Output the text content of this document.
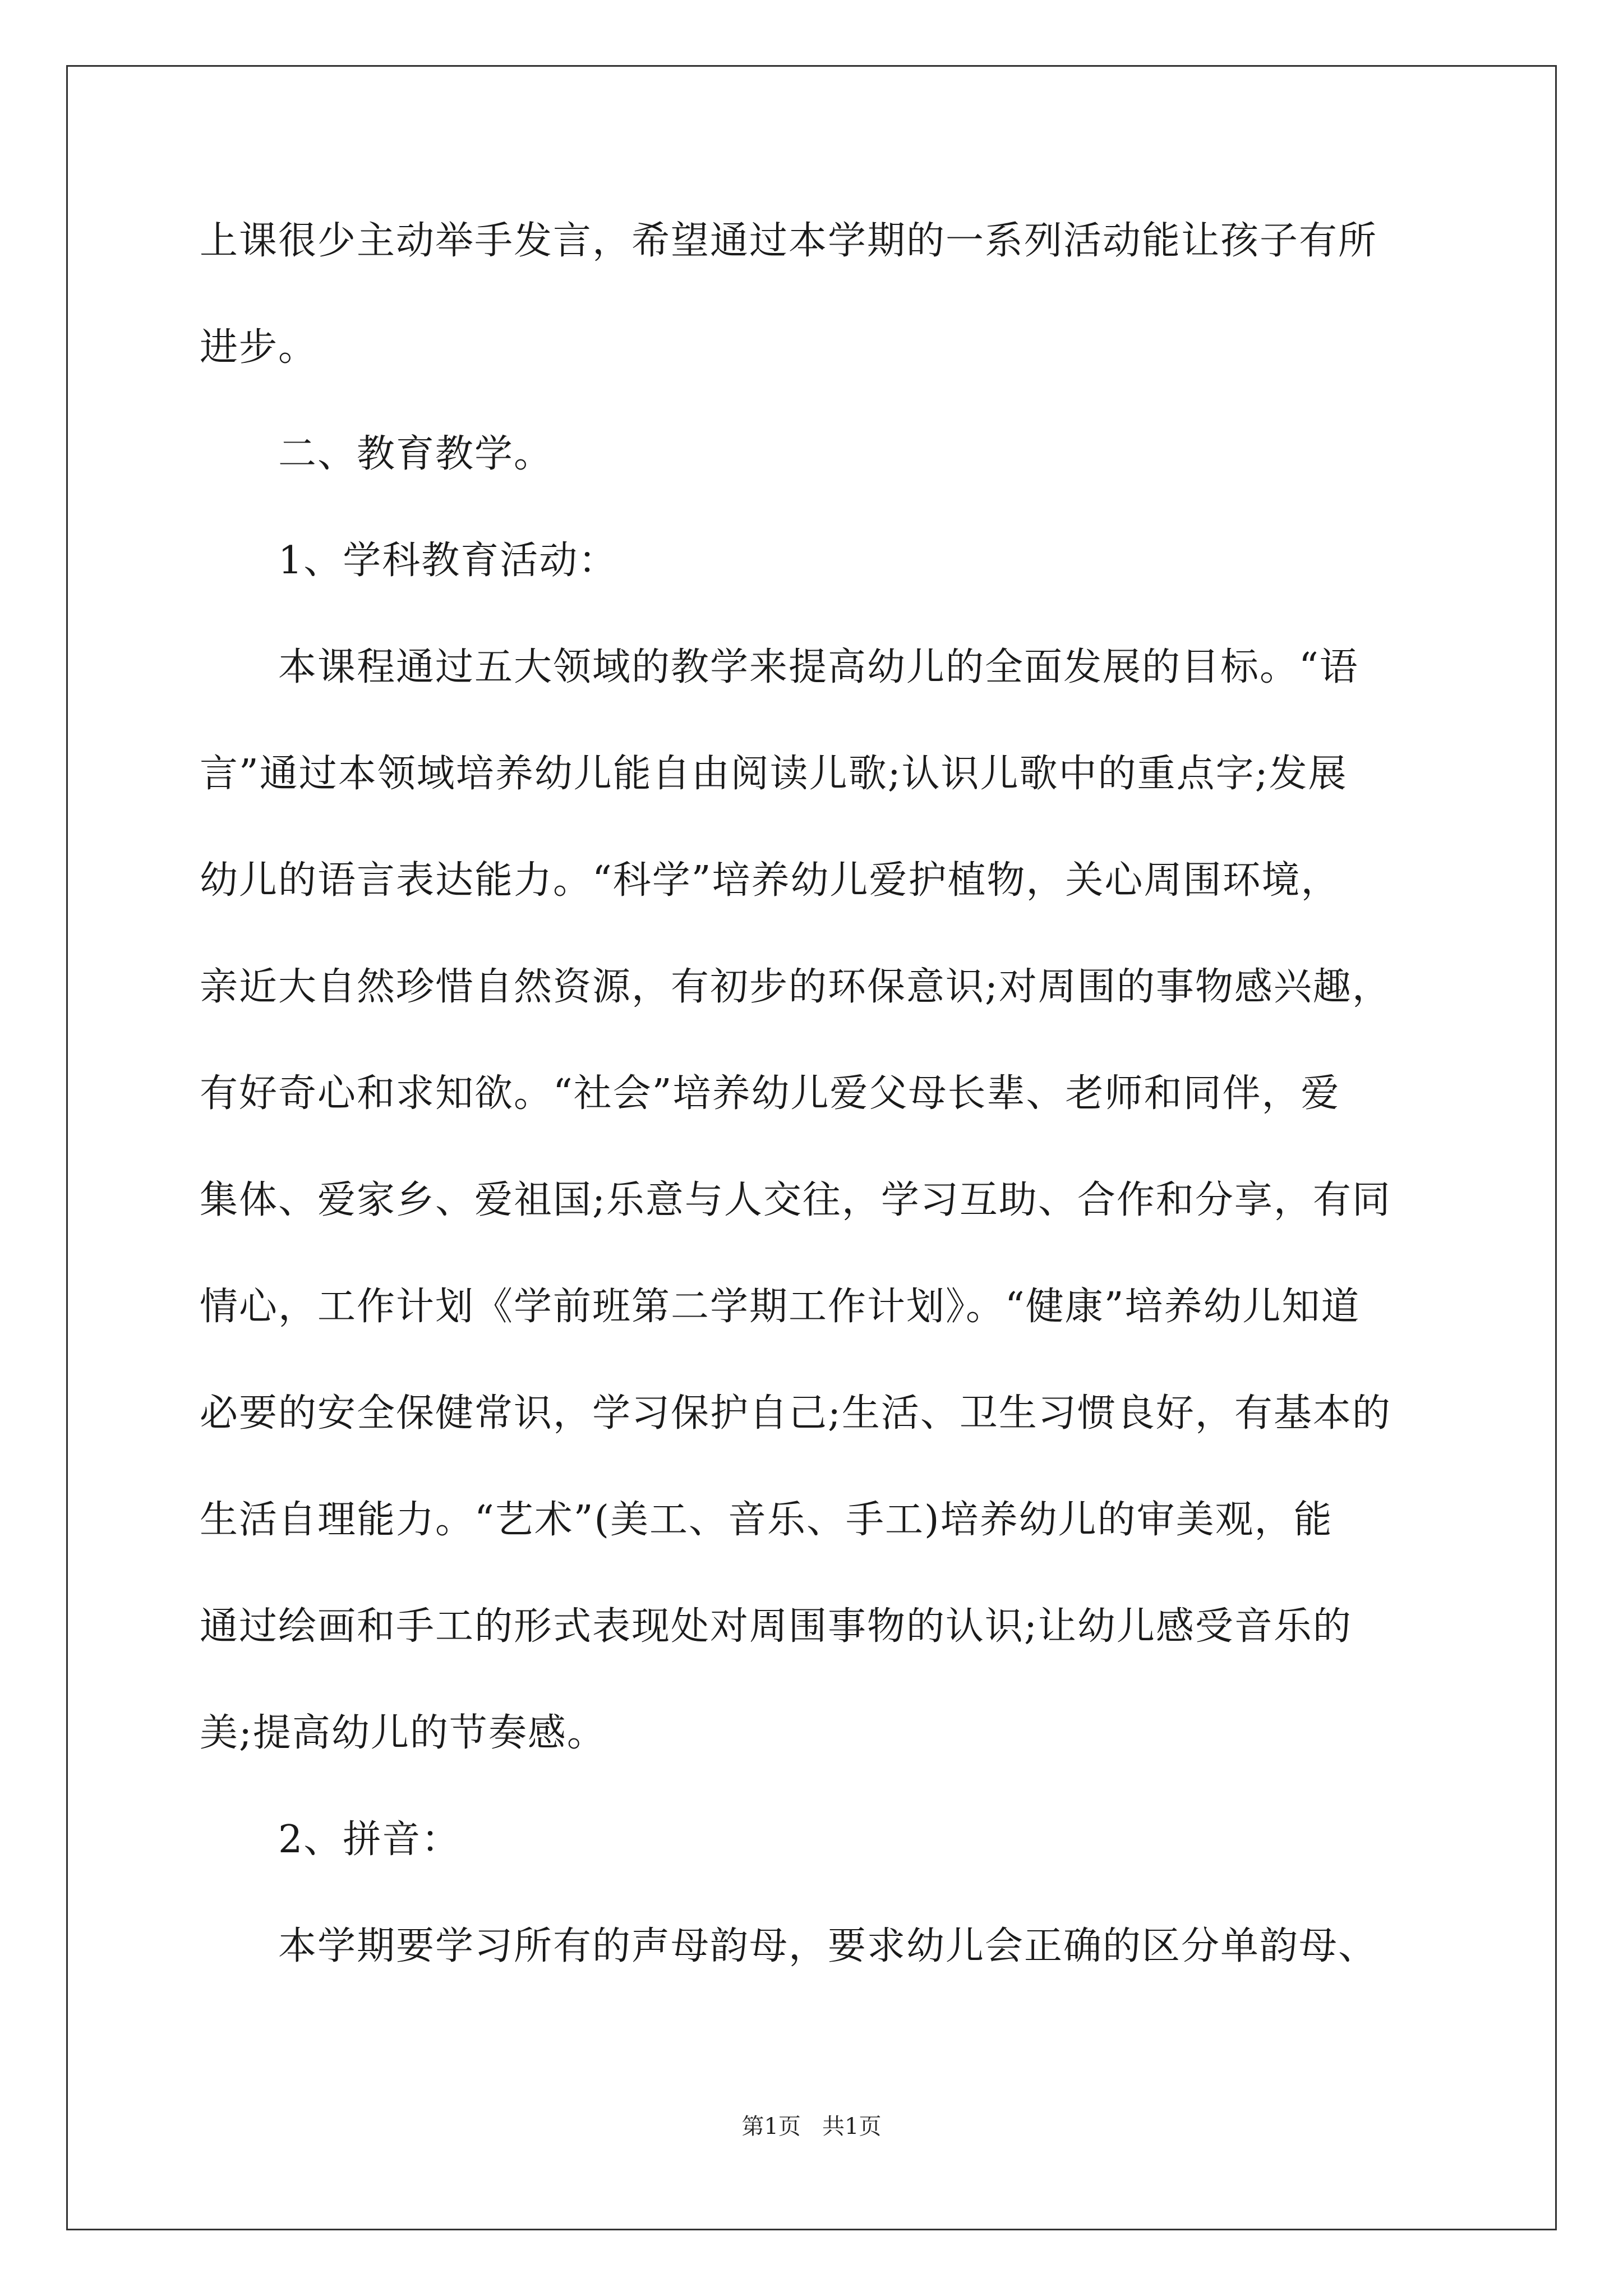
上课很少主动举手发言，希望通过本学期的一系列活动能让孩子有所
进步。
二、教育教学。
1、学科教育活动：
本课程通过五大领域的教学来提高幼儿的全面发展的目标。“语
言”通过本领域培养幼儿能自由阅读儿歌;认识儿歌中的重点字;发展
幼儿的语言表达能力。“科学”培养幼儿爱护植物，关心周围环境，
亲近大自然珍惜自然资源，有初步的环保意识;对周围的事物感兴趣，
有好奇心和求知欲。“社会”培养幼儿爱父母长辈、老师和同伴，爱
集体、爱家乡、爱祖国;乐意与人交往，学习互助、合作和分享，有同
情心，工作计划《学前班第二学期工作计划》。“健康”培养幼儿知道
必要的安全保健常识，学习保护自己;生活、卫生习惯良好，有基本的
生活自理能力。“艺术”(美工、音乐、手工)培养幼儿的审美观，能
通过绘画和手工的形式表现处对周围事物的认识;让幼儿感受音乐的
美;提高幼儿的节奏感。
2、拼音：
本学期要学习所有的声母韵母，要求幼儿会正确的区分单韵母、
第1页   共1页
